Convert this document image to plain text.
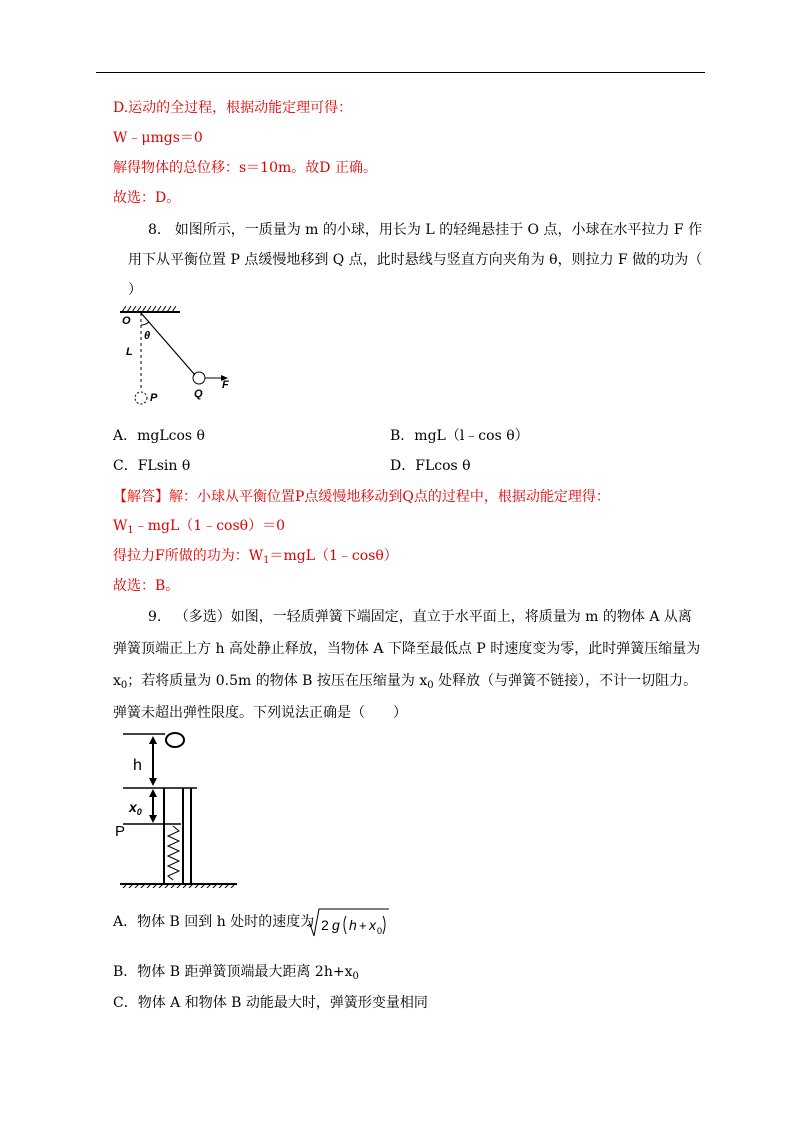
D.运动的全过程，根据动能定理可得：
W﹣μmgs＝0
解得物体的总位移：s＝10m。故D 正确。
故选：D。
8. 如图所示，一质量为 m 的小球，用长为 L 的轻绳悬挂于 O 点，小球在水平拉力 F 作
用下从平衡位置 P 点缓慢地移到 Q 点，此时悬线与竖直方向夹角为 θ，则拉力 F 做的功为（
）
O
θ
L
P	Q
F
A．mgLcos θ	B．mgL（l﹣cos θ）
C．FLsin θ	D．FLcos θ
【解答】解：小球从平衡位置P点缓慢地移动到Q点的过程中，根据动能定理得：
$W_1﹣mgL(1﹣\cos\theta)=0$
得拉力F所做的功为：$W_1=mgL(1﹣\cos\theta)$
故选：B。
9. （多选）如图，一轻质弹簧下端固定，直立于水平面上，将质量为 m 的物体 A 从离
弹簧顶端正上方 h 高处静止释放，当物体 A 下降至最低点 P 时速度变为零，此时弹簧压缩量为
$x_0$；若将质量为 0.5m 的物体 B 按压在压缩量为 $x_0$ 处释放（与弹簧不链接），不计一切阻力。
弹簧未超出弹性限度。下列说法正确是（　　）
h
$x_0$
P
A．物体 B 回到 h 处时的速度为 2 g h + x 0
B．物体 B 距弹簧顶端最大距离 $2h+x_0$
C．物体 A 和物体 B 动能最大时，弹簧形变量相同
